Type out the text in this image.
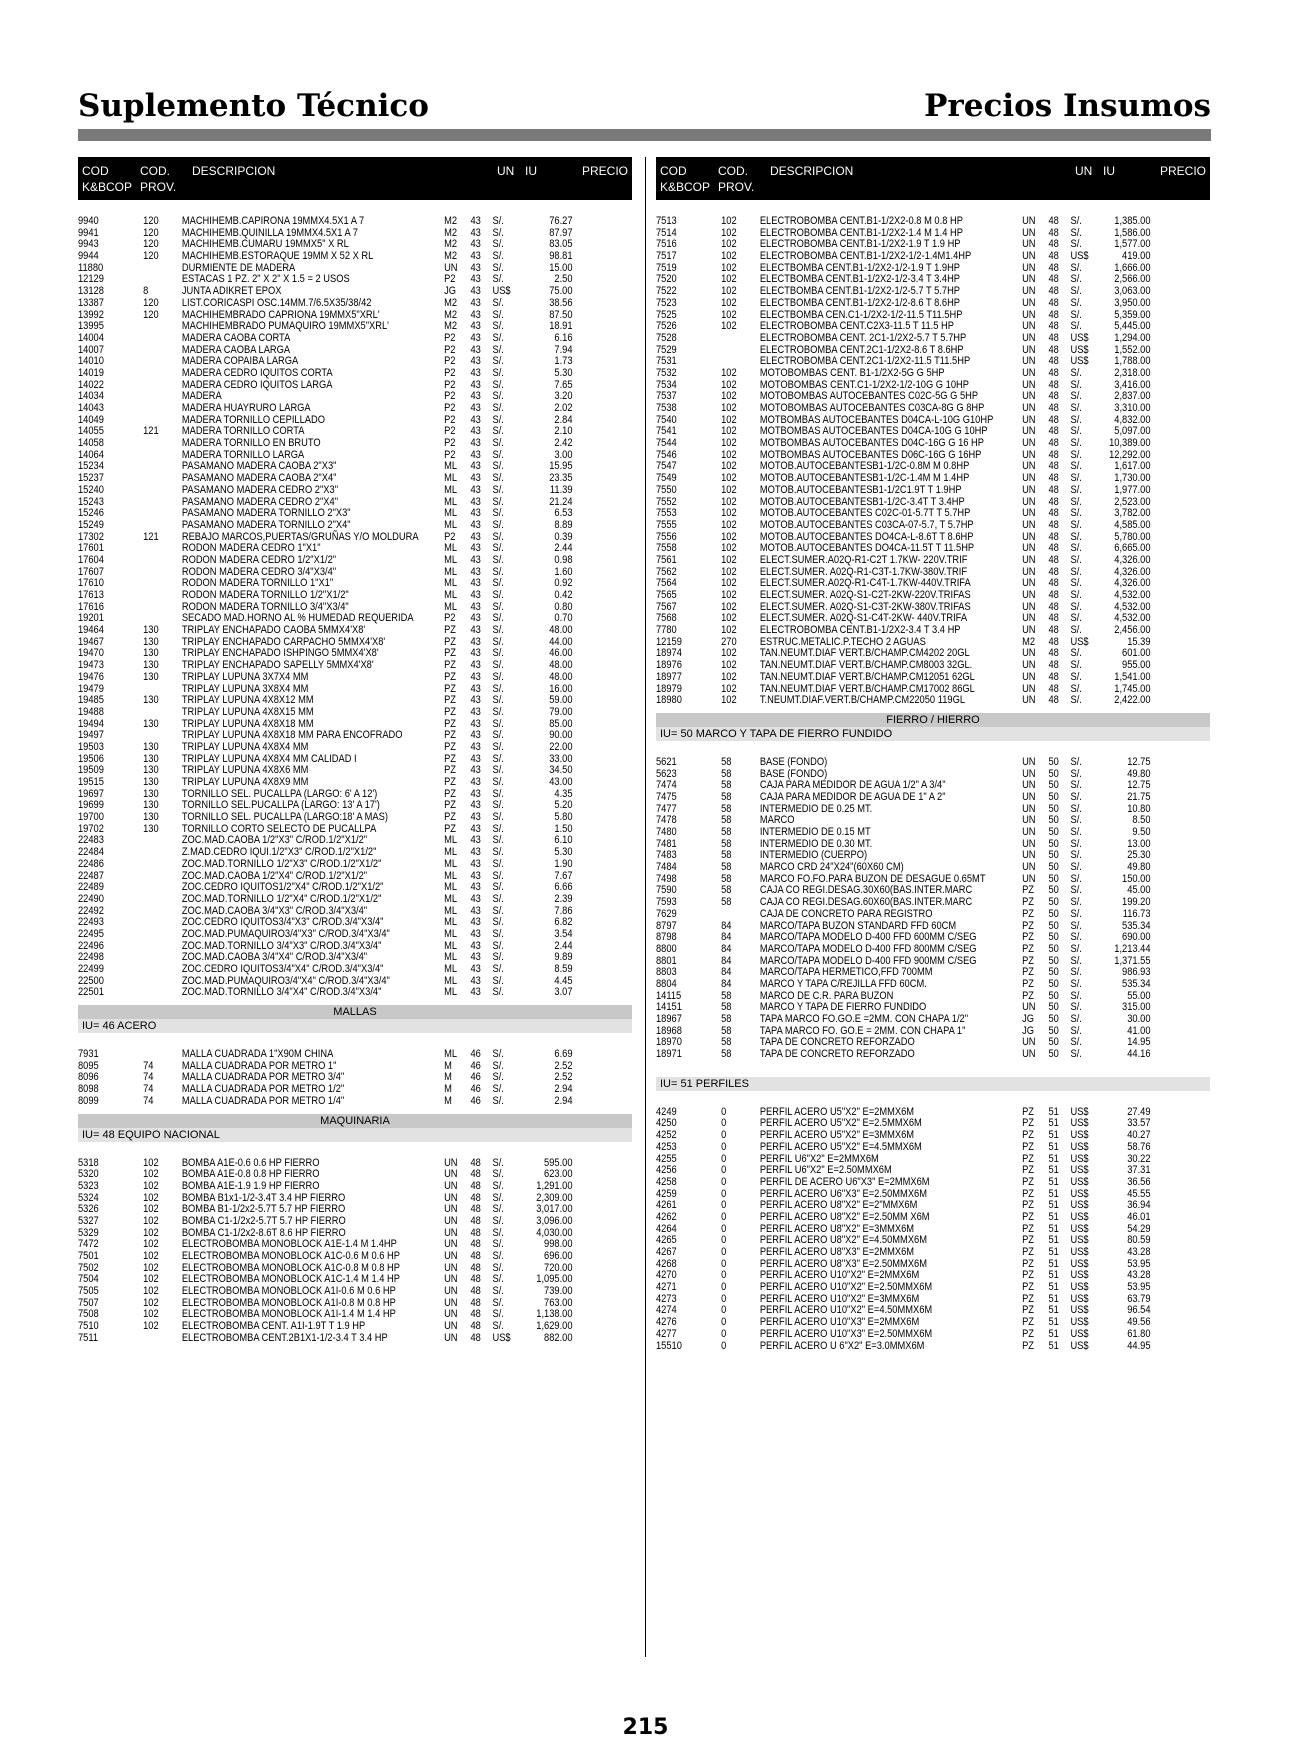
Suplemento Técnico	Precios Insumos
COD K&BCOP
COD. PROV.
DESCRIPCION	UN IU	PRECIO
9940	120	MACHIHEMB.CAPIRONA 19MMX4.5X1 A 7	M2	43	S/.	76.27
9941	120	MACHIHEMB.QUINILLA 19MMX4.5X1 A 7	M2	43	S/.	87.97
9943	120	MACHIHEMB.CUMARU 19MMX5" X RL	M2	43	S/.	83.05
9944	120	MACHIHEMB.ESTORAQUE 19MM X 52 X RL	M2	43	S/.	98.81
11880	DURMIENTE DE MADERA	UN	43	S/.	15.00
12129	ESTACAS 1 PZ. 2" X 2" X 1.5 = 2 USOS	P2	43	S/.	2.50
13128	8	JUNTA ADIKRET EPOX	JG	43	US$	75.00
13387	120	LIST.CORICASPI OSC.14MM.7/6.5X35/38/42	M2	43	S/.	38.56
13992	120	MACHIHEMBRADO CAPRIONA 19MMX5"XRL'	M2	43	S/.	87.50
13995	MACHIHEMBRADO PUMAQUIRO 19MMX5"XRL'	M2	43	S/.	18.91
14004	MADERA CAOBA CORTA	P2	43	S/.	6.16
14007	MADERA CAOBA LARGA	P2	43	S/.	7.94
14010	MADERA COPAIBA LARGA	P2	43	S/.	1.73
14019	MADERA CEDRO IQUITOS CORTA	P2	43	S/.	5.30
14022	MADERA CEDRO IQUITOS LARGA	P2	43	S/.	7.65
14034	MADERA	P2	43	S/.	3.20
14043	MADERA HUAYRURO LARGA	P2	43	S/.	2.02
14049	MADERA TORNILLO CEPILLADO	P2	43	S/.	2.84
14055	121	MADERA TORNILLO CORTA	P2	43	S/.	2.10
14058	MADERA TORNILLO EN BRUTO	P2	43	S/.	2.42
14064	MADERA TORNILLO LARGA	P2	43	S/.	3.00
15234	PASAMANO MADERA CAOBA 2"X3"	ML	43	S/.	15.95
15237	PASAMANO MADERA CAOBA 2"X4"	ML	43	S/.	23.35
15240	PASAMANO MADERA CEDRO 2"X3"	ML	43	S/.	11.39
15243	PASAMANO MADERA CEDRO 2"X4"	ML	43	S/.	21.24
15246	PASAMANO MADERA TORNILLO 2"X3"	ML	43	S/.	6.53
15249	PASAMANO MADERA TORNILLO 2"X4"	ML	43	S/.	8.89
17302	121	REBAJO MARCOS,PUERTAS/GRUÑAS Y/O MOLDURA P2	43	S/.	0.39
17601	RODON MADERA CEDRO 1"X1"	ML	43	S/.	2.44
17604	RODON MADERA CEDRO 1/2"X1/2"	ML	43	S/.	0.98
17607	RODON MADERA CEDRO 3/4"X3/4"	ML	43	S/.	1.60
17610	RODON MADERA TORNILLO 1"X1"	ML	43	S/.	0.92
17613	RODON MADERA TORNILLO 1/2"X1/2"	ML	43	S/.	0.42
17616	RODON MADERA TORNILLO 3/4"X3/4"	ML	43	S/.	0.80
19201	SECADO MAD.HORNO AL % HUMEDAD REQUERIDA	P2	43	S/.	0.70
19464	130	TRIPLAY ENCHAPADO CAOBA 5MMX4'X8'	PZ	43	S/.	48.00
19467	130	TRIPLAY ENCHAPADO CARPACHO 5MMX4'X8'	PZ	43	S/.	44.00
19470	130	TRIPLAY ENCHAPADO ISHPINGO 5MMX4'X8'	PZ	43	S/.	46.00
19473	130	TRIPLAY ENCHAPADO SAPELLY 5MMX4'X8'	PZ	43	S/.	48.00
19476	130	TRIPLAY LUPUNA 3X7X4 MM	PZ	43	S/.	48.00
19479	TRIPLAY LUPUNA 3X8X4 MM	PZ	43	S/.	16.00
19485	130	TRIPLAY LUPUNA 4X8X12 MM	PZ	43	S/.	59.00
19488	TRIPLAY LUPUNA 4X8X15 MM	PZ	43	S/.	79.00
19494	130	TRIPLAY LUPUNA 4X8X18 MM	PZ	43	S/.	85.00
19497	TRIPLAY LUPUNA 4X8X18 MM PARA ENCOFRADO	PZ	43	S/.	90.00
19503	130	TRIPLAY LUPUNA 4X8X4 MM	PZ	43	S/.	22.00
19506	130	TRIPLAY LUPUNA 4X8X4 MM CALIDAD I	PZ	43	S/.	33.00
19509	130	TRIPLAY LUPUNA 4X8X6 MM	PZ	43	S/.	34.50
19515	130	TRIPLAY LUPUNA 4X8X9 MM	PZ	43	S/.	43.00
19697	130	TORNILLO SEL. PUCALLPA (LARGO: 6' A 12')	PZ	43	S/.	4.35
19699	130	TORNILLO SEL.PUCALLPA (LARGO: 13' A 17')	PZ	43	S/.	5.20
19700	130	TORNILLO SEL. PUCALLPA (LARGO:18' A MAS)	PZ	43	S/.	5.80
19702	130	TORNILLO CORTO SELECTO DE PUCALLPA	PZ	43	S/.	1.50
22483	ZOC.MAD.CAOBA 1/2"X3" C/ROD.1/2"X1/2"	ML	43	S/.	6.10
22484	Z.MAD.CEDRO IQUI.1/2"X3" C/ROD.1/2"X1/2"	ML	43	S/.	5.30
22486	ZOC.MAD.TORNILLO 1/2"X3" C/ROD.1/2"X1/2"	ML	43	S/.	1.90
22487	ZOC.MAD.CAOBA 1/2"X4" C/ROD.1/2"X1/2"	ML	43	S/.	7.67
22489	ZOC.CEDRO IQUITOS1/2"X4" C/ROD.1/2"X1/2"	ML	43	S/.	6.66
22490	ZOC.MAD.TORNILLO 1/2"X4" C/ROD.1/2"X1/2"	ML	43	S/.	2.39
22492	ZOC.MAD.CAOBA 3/4"X3" C/ROD.3/4"X3/4"	ML	43	S/.	7.86
22493	ZOC.CEDRO IQUITOS3/4"X3" C/ROD.3/4"X3/4"	ML	43	S/.	6.82
22495	ZOC.MAD.PUMAQUIRO3/4"X3" C/ROD.3/4"X3/4"	ML	43	S/.	3.54
22496	ZOC.MAD.TORNILLO 3/4"X3" C/ROD.3/4"X3/4"	ML	43	S/.	2.44
22498	ZOC.MAD.CAOBA 3/4"X4" C/ROD.3/4"X3/4"	ML	43	S/.	9.89
22499	ZOC.CEDRO IQUITOS3/4"X4" C/ROD.3/4"X3/4"	ML	43	S/.	8.59
22500	ZOC.MAD.PUMAQUIRO3/4"X4" C/ROD.3/4"X3/4"	ML	43	S/.	4.45
22501	ZOC.MAD.TORNILLO 3/4"X4" C/ROD.3/4"X3/4"	ML	43	S/.	3.07
MALLAS
IU= 46 ACERO
7931	MALLA CUADRADA 1"X90M CHINA	ML	46	S/.	6.69
8095	74	MALLA CUADRADA POR METRO 1"	M	46	S/.	2.52
8096	74	MALLA CUADRADA POR METRO 3/4"	M	46	S/.	2.52
8098	74	MALLA CUADRADA POR METRO 1/2"	M	46	S/.	2.94
8099	74	MALLA CUADRADA POR METRO 1/4"	M	46	S/.	2.94
MAQUINARIA
IU= 48 EQUIPO NACIONAL
5318	102	BOMBA A1E-0.6 0.6 HP FIERRO	UN	48	S/.	595.00
5320	102	BOMBA A1E-0.8 0.8 HP FIERRO	UN	48	S/.	623.00
5323	102	BOMBA A1E-1.9 1.9 HP FIERRO	UN	48	S/.	1,291.00
5324	102	BOMBA B1x1-1/2-3.4T 3.4 HP FIERRO	UN	48	S/.	2,309.00
5326	102	BOMBA B1-1/2x2-5.7T 5.7 HP FIERRO	UN	48	S/.	3,017.00
5327	102	BOMBA C1-1/2x2-5.7T 5.7 HP FIERRO	UN	48	S/.	3,096.00
5329	102	BOMBA C1-1/2x2-8.6T 8.6 HP FIERRO	UN	48	S/.	4,030.00
7472	102	ELECTROBOMBA MONOBLOCK A1E-1.4 M 1.4HP	UN	48	S/.	998.00
7501	102	ELECTROBOMBA MONOBLOCK A1C-0.6 M 0.6 HP	UN	48	S/.	696.00
7502	102	ELECTROBOMBA MONOBLOCK A1C-0.8 M 0.8 HP	UN	48	S/.	720.00
7504	102	ELECTROBOMBA MONOBLOCK A1C-1.4 M 1.4 HP	UN	48	S/.	1,095.00
7505	102	ELECTROBOMBA MONOBLOCK A1I-0.6 M 0.6 HP	UN	48	S/.	739.00
7507	102	ELECTROBOMBA MONOBLOCK A1I-0.8 M 0.8 HP	UN	48	S/.	763.00
7508	102	ELECTROBOMBA MONOBLOCK A1I-1.4 M 1.4 HP	UN	48	S/.	1,138.00
7510	102	ELECTROBOMBA CENT. A1I-1.9T T 1.9 HP	UN	48	S/.	1,629.00
7511	ELECTROBOMBA CENT.2B1X1-1/2-3.4 T 3.4 HP	UN	48	US$	882.00
COD K&BCOP
COD. PROV.
DESCRIPCION	UN IU	PRECIO
7513	102	ELECTROBOMBA CENT.B1-1/2X2-0.8 M 0.8 HP	UN	48	S/.	1,385.00
7514	102	ELECTROBOMBA CENT.B1-1/2X2-1.4 M 1.4 HP	UN	48	S/.	1,586.00
7516	102	ELECTROBOMBA CENT.B1-1/2X2-1.9 T 1.9 HP	UN	48	S/.	1,577.00
7517	102	ELECTROBOMBA CENT.B1-1/2X2-1/2-1.4M1.4HP	UN	48	US$	419.00
7519	102	ELECTBOMBA CENT.B1-1/2X2-1/2-1.9 T 1.9HP	UN	48	S/.	1,666.00
7520	102	ELECTBOMBA CENT.B1-1/2X2-1/2-3.4 T 3.4HP	UN	48	S/.	2,566.00
7522	102	ELECTBOMBA CENT.B1-1/2X2-1/2-5.7 T 5.7HP	UN	48	S/.	3,063.00
7523	102	ELECTBOMBA CENT.B1-1/2X2-1/2-8.6 T 8.6HP	UN	48	S/.	3,950.00
7525	102	ELECTBOMBA CEN.C1-1/2X2-1/2-11.5 T11.5HP	UN	48	S/.	5,359.00
7526	102	ELECTROBOMBA CENT.C2X3-11.5 T 11.5 HP	UN	48	S/.	5,445.00
7528	ELECTROBOMBA CENT. 2C1-1/2X2-5.7 T 5.7HP	UN	48	US$	1,294.00
7529	ELECTROBOMBA CENT.2C1-1/2X2-8.6 T 8.6HP	UN	48	US$	1,552.00
7531	ELECTROBOMBA CENT.2C1-1/2X2-11.5 T11.5HP	UN	48	US$	1,788.00
7532	102	MOTOBOMBAS CENT. B1-1/2X2-5G G 5HP	UN	48	S/.	2,318.00
7534	102	MOTOBOMBAS CENT.C1-1/2X2-1/2-10G G 10HP	UN	48	S/.	3,416.00
7537	102	MOTOBOMBAS AUTOCEBANTES C02C-5G G 5HP	UN	48	S/.	2,837.00
7538	102	MOTOBOMBAS AUTOCEBANTES C03CA-8G G 8HP	UN	48	S/.	3,310.00
7540	102	MOTBOMBAS AUTOCEBANTES D04CA-L-10G G10HP	UN	48	S/.	4,832.00
7541	102	MOTBOMBAS AUTOCEBANTES D04CA-10G G 10HP	UN	48	S/.	5,097.00
7544	102	MOTBOMBAS AUTOCEBANTES D04C-16G G 16 HP	UN	48	S/.	10,389.00
7546	102	MOTBOMBAS AUTOCEBANTES D06C-16G G 16HP	UN	48	S/.	12,292.00
7547	102	MOTOB.AUTOCEBANTESB1-1/2C-0.8M M 0.8HP	UN	48	S/.	1,617.00
7549	102	MOTOB.AUTOCEBANTESB1-1/2C-1.4M M 1.4HP	UN	48	S/.	1,730.00
7550	102	MOTOB.AUTOCEBANTESB1-1/2C1.9T T 1.9HP	UN	48	S/.	1,977.00
7552	102	MOTOB.AUTOCEBANTESB1-1/2C-3.4T T 3.4HP	UN	48	S/.	2,523.00
7553	102	MOTOB.AUTOCEBANTES C02C-01-5.7T T 5.7HP	UN	48	S/.	3,782.00
7555	102	MOTOB.AUTOCEBANTES C03CA-07-5.7, T 5.7HP	UN	48	S/.	4,585.00
7556	102	MOTOB.AUTOCEBANTES DO4CA-L-8.6T T 8.6HP	UN	48	S/.	5,780.00
7558	102	MOTOB.AUTOCEBANTES DO4CA-11.5T T 11.5HP	UN	48	S/.	6,665.00
7561	102	ELECT.SUMER.A02Q-R1-C2T 1.7KW- 220V.TRIF	UN	48	S/.	4,326.00
7562	102	ELECT.SUMER. A02Q-R1-C3T-1.7KW-380V.TRIF	UN	48	S/.	4,326.00
7564	102	ELECT.SUMER.A02Q-R1-C4T-1.7KW-440V.TRIFA	UN	48	S/.	4,326.00
7565	102	ELECT.SUMER. A02Q-S1-C2T-2KW-220V.TRIFAS	UN	48	S/.	4,532.00
7567	102	ELECT.SUMER. A02Q-S1-C3T-2KW-380V.TRIFAS	UN	48	S/.	4,532.00
7568	102	ELECT.SUMER. A02Q-S1-C4T-2KW- 440V.TRIFA	UN	48	S/.	4,532.00
7780	102	ELECTROBOMBA CENT.B1-1/2X2-3.4 T 3.4 HP	UN	48	S/.	2,456.00
12159	270	ESTRUC.METALIC.P.TECHO 2 AGUAS	M2	48	US$	15.39
18974	102	TAN.NEUMT.DIAF VERT.B/CHAMP.CM4202 20GL	UN	48	S/.	601.00
18976	102	TAN.NEUMT.DIAF VERT.B/CHAMP.CM8003 32GL.	UN	48	S/.	955.00
18977	102	TAN.NEUMT.DIAF VERT.B/CHAMP.CM12051 62GL	UN	48	S/.	1,541.00
18979	102	TAN.NEUMT.DIAF VERT.B/CHAMP.CM17002 86GL	UN	48	S/.	1,745.00
18980	102	T.NEUMT.DIAF.VERT.B/CHAMP.CM22050 119GL	UN	48	S/.	2,422.00
FIERRO / HIERRO
IU= 50 MARCO Y TAPA DE FIERRO FUNDIDO
5621	58	BASE (FONDO)	UN	50	S/.	12.75
5623	58	BASE (FONDO)	UN	50	S/.	49.80
7474	58	CAJA PARA MEDIDOR DE AGUA 1/2" A 3/4"	UN	50	S/.	12.75
7475	58	CAJA PARA MEDIDOR DE AGUA DE 1" A 2"	UN	50	S/.	21.75
7477	58	INTERMEDIO DE 0.25 MT.	UN	50	S/.	10.80
7478	58	MARCO	UN	50	S/.	8.50
7480	58	INTERMEDIO DE 0.15 MT	UN	50	S/.	9.50
7481	58	INTERMEDIO DE 0.30 MT.	UN	50	S/.	13.00
7483	58	INTERMEDIO (CUERPO)	UN	50	S/.	25.30
7484	58	MARCO CRD 24"X24"(60X60 CM)	UN	50	S/.	49.80
7498	58	MARCO FO.FO.PARA BUZON DE DESAGUE 0.65MT	UN	50	S/.	150.00
7590	58	CAJA CO REGI.DESAG.30X60(BAS.INTER.MARC	PZ	50	S/.	45.00
7593	58	CAJA CO REGI.DESAG.60X60(BAS.INTER.MARC	PZ	50	S/.	199.20
7629	CAJA DE CONCRETO PARA REGISTRO	PZ	50	S/.	116.73
8797	84	MARCO/TAPA BUZON STANDARD FFD 60CM	PZ	50	S/.	535.34
8798	84	MARCO/TAPA MODELO D-400 FFD 600MM C/SEG	PZ	50	S/.	690.00
8800	84	MARCO/TAPA MODELO D-400 FFD 800MM C/SEG	PZ	50	S/.	1,213.44
8801	84	MARCO/TAPA MODELO D-400 FFD 900MM C/SEG	PZ	50	S/.	1,371.55
8803	84	MARCO/TAPA HERMETICO,FFD 700MM	PZ	50	S/.	986.93
8804	84	MARCO Y TAPA C/REJILLA FFD 60CM.	PZ	50	S/.	535.34
14115	58	MARCO DE C.R. PARA BUZON	PZ	50	S/.	55.00
14151	58	MARCO Y TAPA DE FIERRO FUNDIDO	UN	50	S/.	315.00
18967	58	TAPA MARCO FO.GO.E =2MM. CON CHAPA 1/2"	JG	50	S/.	30.00
18968	58	TAPA MARCO FO. GO.E = 2MM. CON CHAPA 1"	JG	50	S/.	41.00
18970	58	TAPA DE CONCRETO REFORZADO	UN	50	S/.	14.95
18971	58	TAPA DE CONCRETO REFORZADO	UN	50	S/.	44.16
IU= 51 PERFILES
4249	0	PERFIL ACERO U5"X2" E=2MMX6M	PZ	51	US$	27.49
4250	0	PERFIL ACERO U5"X2" E=2.5MMX6M	PZ	51	US$	33.57
4252	0	PERFIL ACERO U5"X2" E=3MMX6M	PZ	51	US$	40.27
4253	0	PERFIL ACERO U5"X2" E=4.5MMX6M	PZ	51	US$	58.76
4255	0	PERFIL U6"X2" E=2MMX6M	PZ	51	US$	30.22
4256	0	PERFIL U6"X2" E=2.50MMX6M	PZ	51	US$	37.31
4258	0	PERFIL DE ACERO U6"X3" E=2MMX6M	PZ	51	US$	36.56
4259	0	PERFIL ACERO U6"X3" E=2.50MMX6M	PZ	51	US$	45.55
4261	0	PERFIL ACERO U8"X2" E=2"MMX6M	PZ	51	US$	36.94
4262	0	PERFIL ACERO U8"X2" E=2.50MM X6M	PZ	51	US$	46.01
4264	0	PERFIL ACERO U8"X2" E=3MMX6M	PZ	51	US$	54.29
4265	0	PERFIL ACERO U8"X2" E=4.50MMX6M	PZ	51	US$	80.59
4267	0	PERFIL ACERO U8"X3" E=2MMX6M	PZ	51	US$	43.28
4268	0	PERFIL ACERO U8"X3" E=2.50MMX6M	PZ	51	US$	53.95
4270	0	PERFIL ACERO U10"X2" E=2MMX6M	PZ	51	US$	43.28
4271	0	PERFIL ACERO U10"X2" E=2.50MMX6M	PZ	51	US$	53.95
4273	0	PERFIL ACERO U10"X2" E=3MMX6M	PZ	51	US$	63.79
4274	0	PERFIL ACERO U10"X2" E=4.50MMX6M	PZ	51	US$	96.54
4276	0	PERFIL ACERO U10"X3" E=2MMX6M	PZ	51	US$	49.56
4277	0	PERFIL ACERO U10"X3" E=2.50MMX6M	PZ	51	US$	61.80
15510	0	PERFIL ACERO U 6"X2" E=3.0MMX6M	PZ	51	US$	44.95
215
